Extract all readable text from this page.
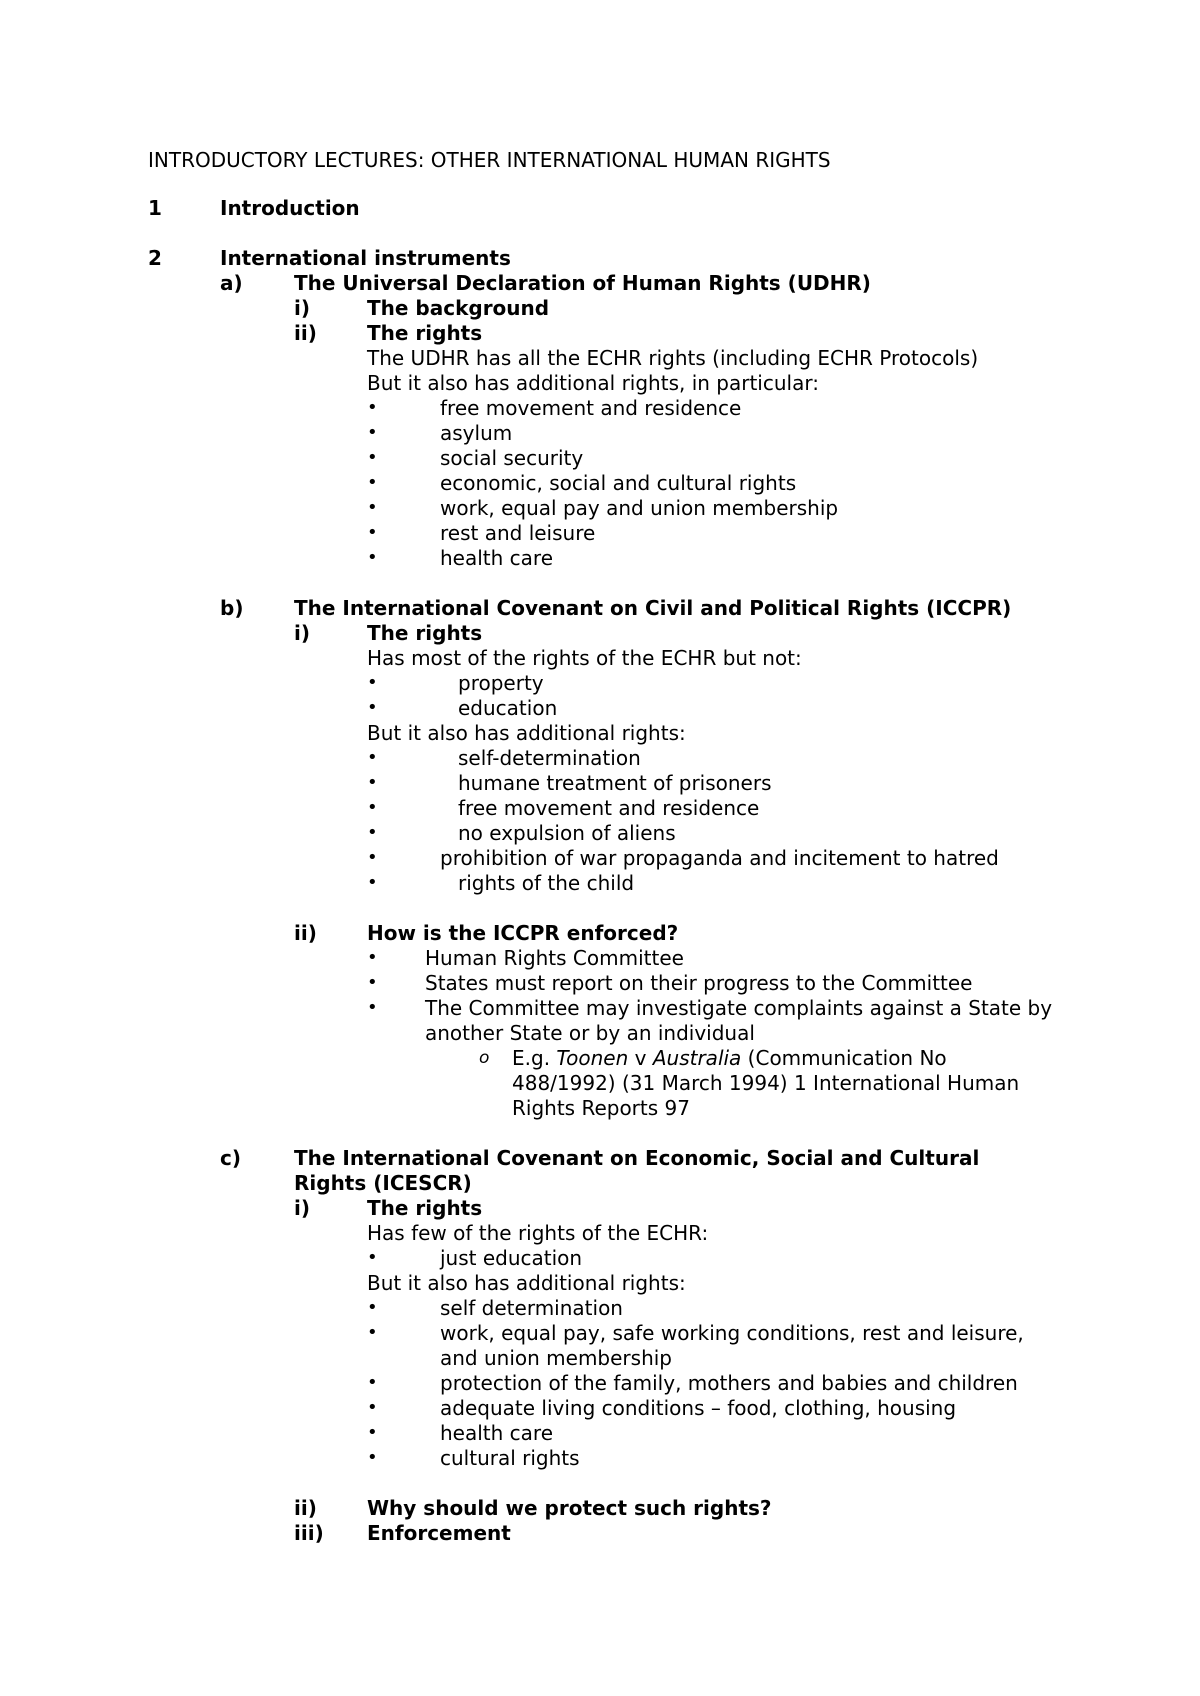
INTRODUCTORY LECTURES: OTHER INTERNATIONAL HUMAN RIGHTS
1	Introduction
2	International instruments
a)	The Universal Declaration of Human Rights (UDHR)
i)	The background
ii)	The rights
The UDHR has all the ECHR rights (including ECHR Protocols)
But it also has additional rights, in particular:
•	free movement and residence
•	asylum
•	social security
•	economic, social and cultural rights
•	work, equal pay and union membership
•	rest and leisure
•	health care
b)	The International Covenant on Civil and Political Rights (ICCPR)
i)	The rights
Has most of the rights of the ECHR but not:
•	property
•	education
But it also has additional rights:
•	self-determination
•	humane treatment of prisoners
•	free movement and residence
•	no expulsion of aliens
•	prohibition of war propaganda and incitement to hatred
•	rights of the child
ii)	How is the ICCPR enforced?
• Human Rights Committee
• States must report on their progress to the Committee
• The Committee may investigate complaints against a State by
another State or by an individual
o E.g. Toonen v Australia (Communication No
488/1992) (31 March 1994) 1 International Human
Rights Reports 97
c)	The International Covenant on Economic, Social and Cultural
Rights (ICESCR)
i)	The rights
Has few of the rights of the ECHR:
•	just education
But it also has additional rights:
•	self determination
•	work, equal pay, safe working conditions, rest and leisure,
and union membership
•	protection of the family, mothers and babies and children
•	adequate living conditions – food, clothing, housing
•	health care
•	cultural rights
ii)	Why should we protect such rights?
iii) Enforcement
